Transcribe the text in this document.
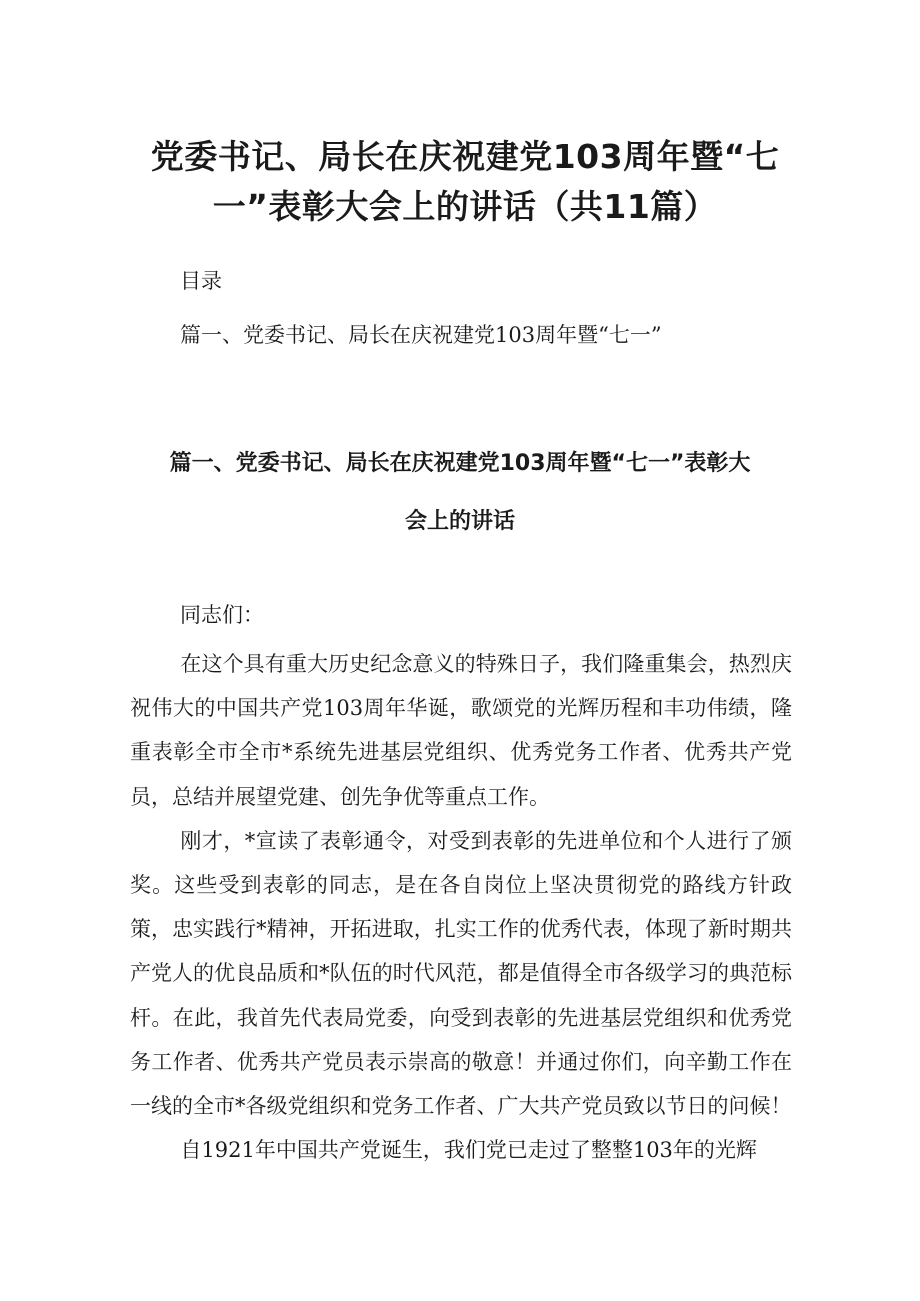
党委书记、局长在庆祝建党103周年暨“七一”表彰大会上的讲话（共11篇）

目录

篇一、党委书记、局长在庆祝建党103周年暨“七一”

篇一、党委书记、局长在庆祝建党103周年暨“七一”表彰大会上的讲话

同志们：

在这个具有重大历史纪念意义的特殊日子，我们隆重集会，热烈庆祝伟大的中国共产党103周年华诞，歌颂党的光辉历程和丰功伟绩，隆重表彰全市全市*系统先进基层党组织、优秀党务工作者、优秀共产党员，总结并展望党建、创先争优等重点工作。

刚才，*宣读了表彰通令，对受到表彰的先进单位和个人进行了颁奖。这些受到表彰的同志，是在各自岗位上坚决贯彻党的路线方针政策，忠实践行*精神，开拓进取，扎实工作的优秀代表，体现了新时期共产党人的优良品质和*队伍的时代风范，都是值得全市各级学习的典范标杆。在此，我首先代表局党委，向受到表彰的先进基层党组织和优秀党务工作者、优秀共产党员表示崇高的敬意！并通过你们，向辛勤工作在一线的全市*各级党组织和党务工作者、广大共产党员致以节日的问候！

自1921年中国共产党诞生，我们党已走过了整整103年的光辉
